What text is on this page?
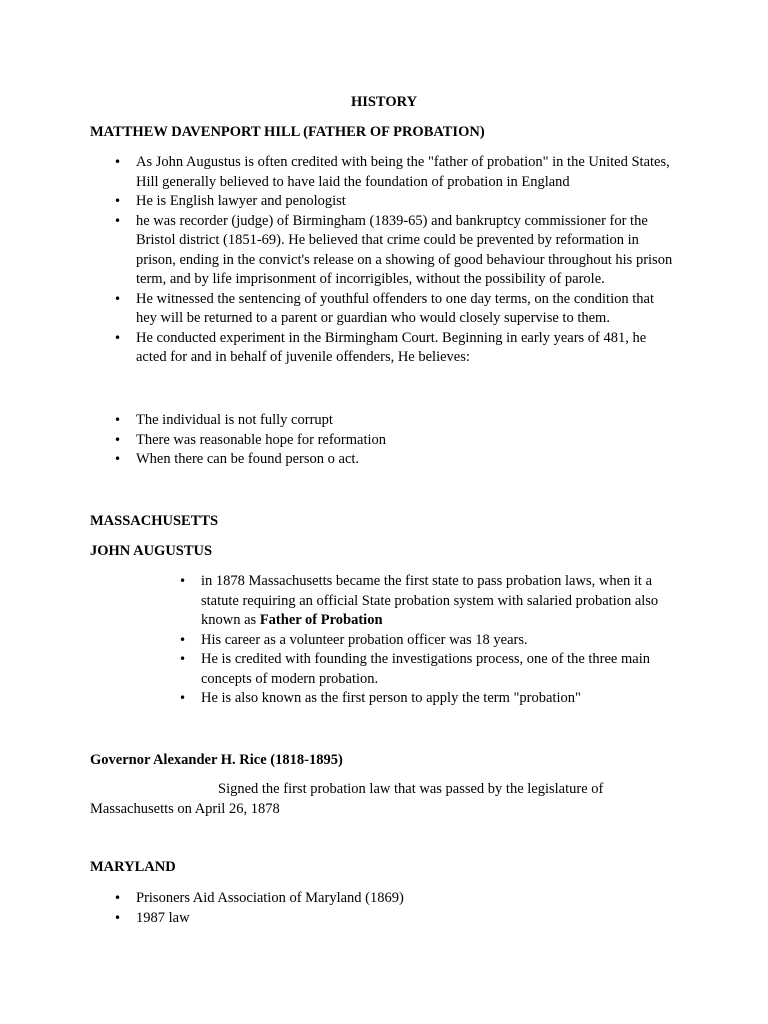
HISTORY
MATTHEW DAVENPORT HILL (FATHER OF PROBATION)
• As John Augustus is often credited with being the "father of probation" in the United States, Hill generally believed to have laid the foundation of probation in England
• He is English lawyer and penologist
• he was recorder (judge) of Birmingham (1839-65) and bankruptcy commissioner for the Bristol district (1851-69). He believed that crime could be prevented by reformation in prison, ending in the convict's release on a showing of good behaviour throughout his prison term, and by life imprisonment of incorrigibles, without the possibility of parole.
• He witnessed the sentencing of youthful offenders to one day terms, on the condition that hey will be returned to a parent or guardian who would closely supervise to them.
• He conducted experiment in the Birmingham Court. Beginning in early years of 481, he acted for and in behalf of juvenile offenders, He believes:
• The individual is not fully corrupt
• There was reasonable hope for reformation
• When there can be found person o act.
MASSACHUSETTS
JOHN AUGUSTUS
• in 1878 Massachusetts became the first state to pass probation laws, when it a statute requiring an official State probation system with salaried probation also known as Father of Probation
• His career as a volunteer probation officer was 18 years.
• He is credited with founding the investigations process, one of the three main concepts of modern probation.
• He is also known as the first person to apply the term "probation"
Governor Alexander H. Rice (1818-1895)

Signed the first probation law that was passed by the legislature of Massachusetts on April 26, 1878

MARYLAND
• Prisoners Aid Association of Maryland (1869)
• 1987 law
